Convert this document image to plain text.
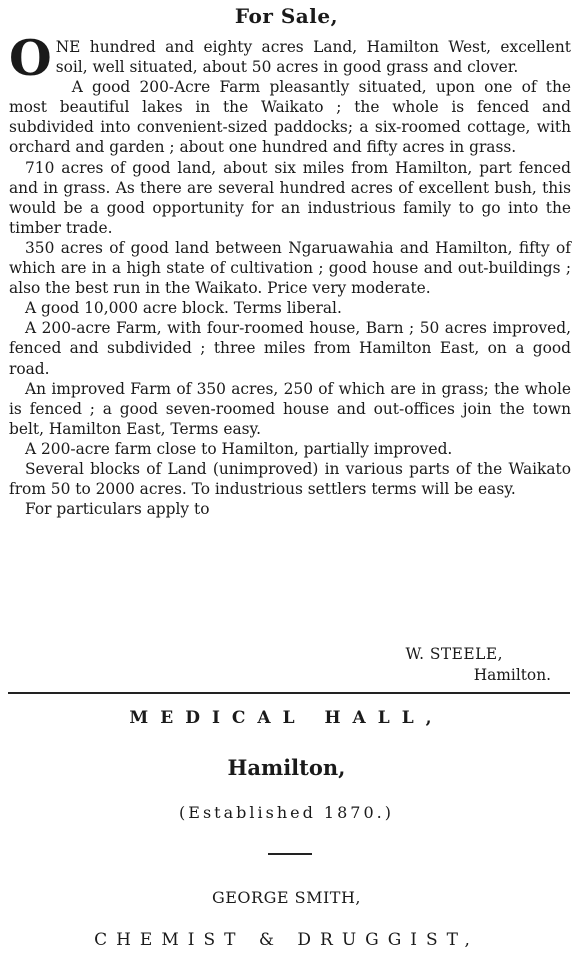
For Sale,

ONE hundred and eighty acres Land, Hamilton West, excellent soil, well situated, about 50 acres in good grass and clover.

A good 200-Acre Farm pleasantly situated, upon one of the most beautiful lakes in the Waikato ; the whole is fenced and subdivided into convenient-sized paddocks; a six-roomed cottage, with orchard and garden ; about one hundred and fifty acres in grass.

710 acres of good land, about six miles from Hamilton, part fenced and in grass. As there are several hundred acres of excellent bush, this would be a good opportunity for an industrious family to go into the timber trade.

350 acres of good land between Ngaruawahia and Hamilton, fifty of which are in a high state of cultivation ; good house and out-buildings ; also the best run in the Waikato. Price very moderate.

A good 10,000 acre block. Terms liberal.

A 200-acre Farm, with four-roomed house, Barn ; 50 acres improved, fenced and subdivided ; three miles from Hamilton East, on a good road.

An improved Farm of 350 acres, 250 of which are in grass; the whole is fenced ; a good seven-roomed house and out-offices join the town belt, Hamilton East, Terms easy.

A 200-acre farm close to Hamilton, partially improved.

Several blocks of Land (unimproved) in various parts of the Waikato from 50 to 2000 acres. To industrious settlers terms will be easy.

For particulars apply to

W. STEELE,
Hamilton.
MEDICAL HALL,
Hamilton,
(Established 1870.)
GEORGE SMITH,
CHEMIST & DRUGGIST,
